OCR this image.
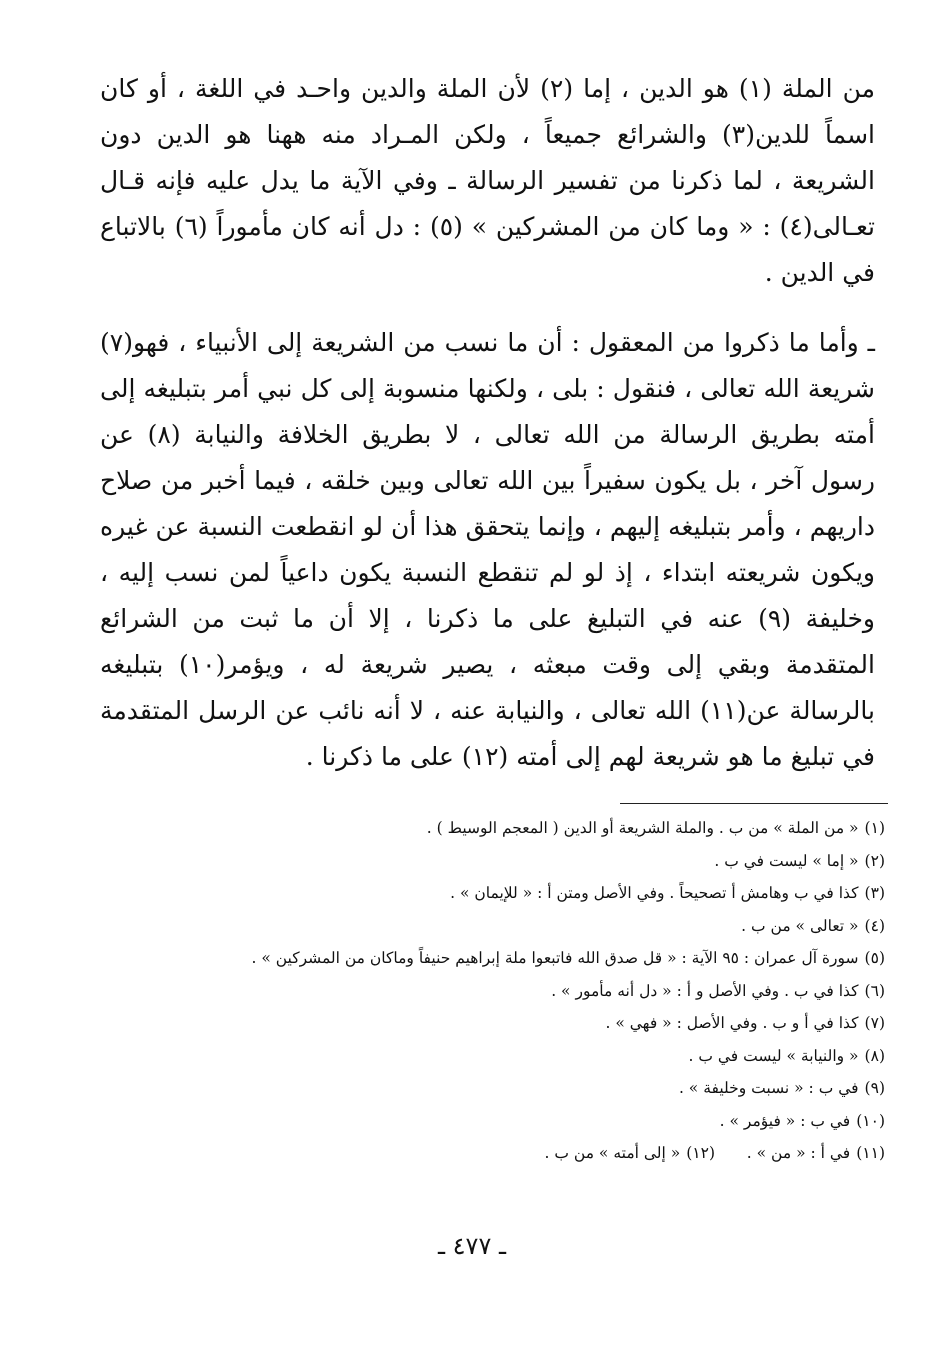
من الملة (١) هو الدين ، إما (٢) لأن الملة والدين واحـد في اللغة ، أو كان اسماً للدين(٣) والشرائع جميعاً ، ولكن المـراد منه ههنا هو الدين دون الشريعة ، لما ذكرنا من تفسير الرسالة ـ وفي الآية ما يدل عليه فإنه قـال تعـالى(٤) : « وما كان من المشركين » (٥) : دل أنه كان مأموراً (٦) بالاتباع في الدين .

ـ وأما ما ذكروا من المعقول : أن ما نسب من الشريعة إلى الأنبياء ، فهو(٧) شريعة الله تعالى ، فنقول : بلى ، ولكنها منسوبة إلى كل نبي أمر بتبليغه إلى أمته بطريق الرسالة من الله تعالى ، لا بطريق الخلافة والنيابة (٨) عن رسول آخر ، بل يكون سفيراً بين الله تعالى وبين خلقه ، فيما أخبر من صلاح داريهم ، وأمر بتبليغه إليهم ، وإنما يتحقق هذا أن لو انقطعت النسبة عن غيره ويكون شريعته ابتداء ، إذ لو لم تنقطع النسبة يكون داعياً لمن نسب إليه ، وخليفة (٩) عنه في التبليغ على ما ذكرنا ، إلا أن ما ثبت من الشرائع المتقدمة وبقي إلى وقت مبعثه ، يصير شريعة له ، ويؤمر(١٠) بتبليغه بالرسالة عن(١١) الله تعالى ، والنيابة عنه ، لا أنه نائب عن الرسل المتقدمة في تبليغ ما هو شريعة لهم إلى أمته (١٢) على ما ذكرنا .

(١)« من الملة » من ب . والملة الشريعة أو الدين ( المعجم الوسيط ) .
(٢)« إما » ليست في ب .
(٣)كذا في ب وهامش أ تصحيحاً . وفي الأصل ومتن أ : « للإيمان » .
(٤)« تعالى » من ب .
(٥)سورة آل عمران : ٩٥ الآية : « قل صدق الله فاتبعوا ملة إبراهيم حنيفاً وماكان من المشركين » .
(٦)كذا في ب . وفي الأصل و أ : « دل أنه مأمور » .
(٧)كذا في أ و ب . وفي الأصل : « فهي » .
(٨)« والنيابة » ليست في ب .
(٩)في ب : « نسبت وخليفة » .
(١٠)في ب : « فيؤمر » .
(١١)في أ : « من » .
(١٢)« إلى أمته » من ب .
ـ ٤٧٧ ـ
